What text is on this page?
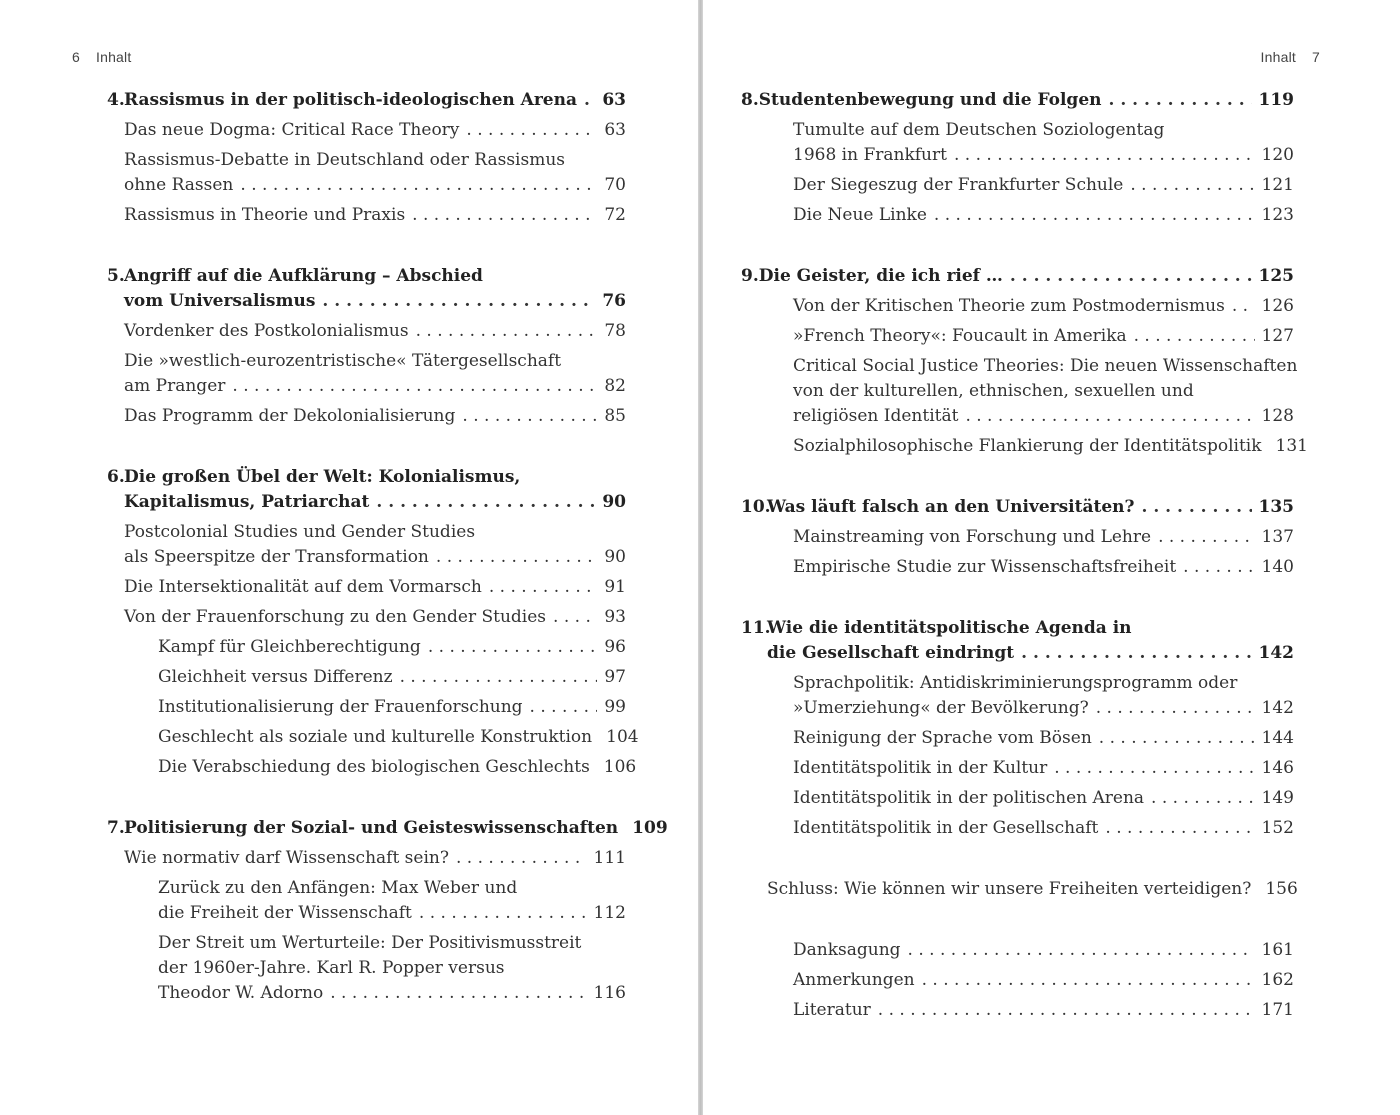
6 Inhalt
4. Rassismus in der politisch-ideologischen Arena . . . 63
Das neue Dogma: Critical Race Theory . . .	63
Rassismus-Debatte in Deutschland oder Rassismus
ohne Rassen . . .	70
Rassismus in Theorie und Praxis . . .	72
5. Angriff auf die Aufklärung – Abschied
vom Universalismus . . .	76
Vordenker des Postkolonialismus . . .	78
Die »westlich-eurozentristische« Tätergesellschaft
am Pranger . . .	82
Das Programm der Dekolonialisierung . . .	85
6. Die großen Übel der Welt: Kolonialismus,
Kapitalismus, Patriarchat . . .	90
Postcolonial Studies und Gender Studies
als Speerspitze der Transformation . . .	90
Die Intersektionalität auf dem Vormarsch . . .	91
Von der Frauenforschung zu den Gender Studies . . .	93
Kampf für Gleichberechtigung . . .	96
Gleichheit versus Differenz . . .	97
Institutionalisierung der Frauenforschung . . .	99
Geschlecht als soziale und kulturelle Konstruktion 104
Die Verabschiedung des biologischen Geschlechts 106
7. Politisierung der Sozial- und Geisteswissenschaften 109
Wie normativ darf Wissenschaft sein? . . .	111
Zurück zu den Anfängen: Max Weber und
die Freiheit der Wissenschaft . . .	112
Der Streit um Werturteile: Der Positivismusstreit
der 1960er-Jahre. Karl R. Popper versus
Theodor W. Adorno . . .	116
Inhalt 7
8. Studentenbewegung und die Folgen . . .	119
Tumulte auf dem Deutschen Soziologentag
1968 in Frankfurt . . .	120
Der Siegeszug der Frankfurter Schule . . .	121
Die Neue Linke . . .	123
9. Die Geister, die ich rief … . . .	125
Von der Kritischen Theorie zum Postmodernismus . . . 126
»French Theory«: Foucault in Amerika . . .	127
Critical Social Justice Theories: Die neuen Wissenschaften
von der kulturellen, ethnischen, sexuellen und
religiösen Identität . . .	128
Sozialphilosophische Flankierung der Identitätspolitik 131
10.
Was läuft falsch an den Universitäten? . . .	135
Mainstreaming von Forschung und Lehre . . .	137
Empirische Studie zur Wissenschaftsfreiheit . . .	140
11.
Wie die identitätspolitische Agenda in
die Gesellschaft eindringt . . .	142
Sprachpolitik: Antidiskriminierungsprogramm oder
»Umerziehung« der Bevölkerung? . . .	142
Reinigung der Sprache vom Bösen . . .	144
Identitätspolitik in der Kultur . . .	146
Identitätspolitik in der politischen Arena . . .	149
Identitätspolitik in der Gesellschaft . . .	152
Schluss: Wie können wir unsere Freiheiten verteidigen? 156
Danksagung . . .	161
Anmerkungen . . .	162
Literatur . . .	171
